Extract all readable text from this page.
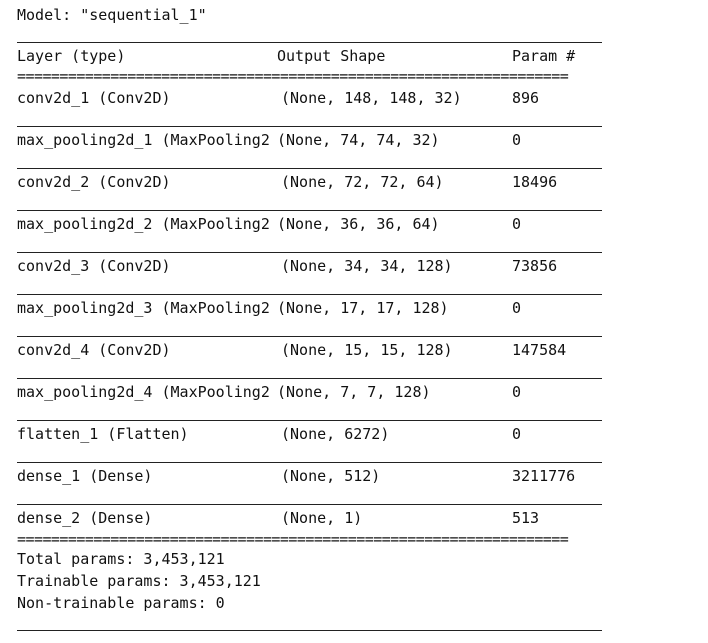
Model: "sequential_1"
Layer (type)	Output Shape	Param #
=================================================================
conv2d_1 (Conv2D)	(None, 148, 148, 32)	896
max_pooling2d_1 (MaxPooling2 (None, 74, 74, 32)	0
conv2d_2 (Conv2D)	(None, 72, 72, 64)	18496
max_pooling2d_2 (MaxPooling2 (None, 36, 36, 64)	0
conv2d_3 (Conv2D)	(None, 34, 34, 128)	73856
max_pooling2d_3 (MaxPooling2 (None, 17, 17, 128)	0
conv2d_4 (Conv2D)	(None, 15, 15, 128)	147584
max_pooling2d_4 (MaxPooling2 (None, 7, 7, 128)	0
flatten_1 (Flatten)	(None, 6272)	0
dense_1 (Dense)	(None, 512)	3211776
dense_2 (Dense)	(None, 1)	513
=================================================================
Total params: 3,453,121
Trainable params: 3,453,121
Non-trainable params: 0
